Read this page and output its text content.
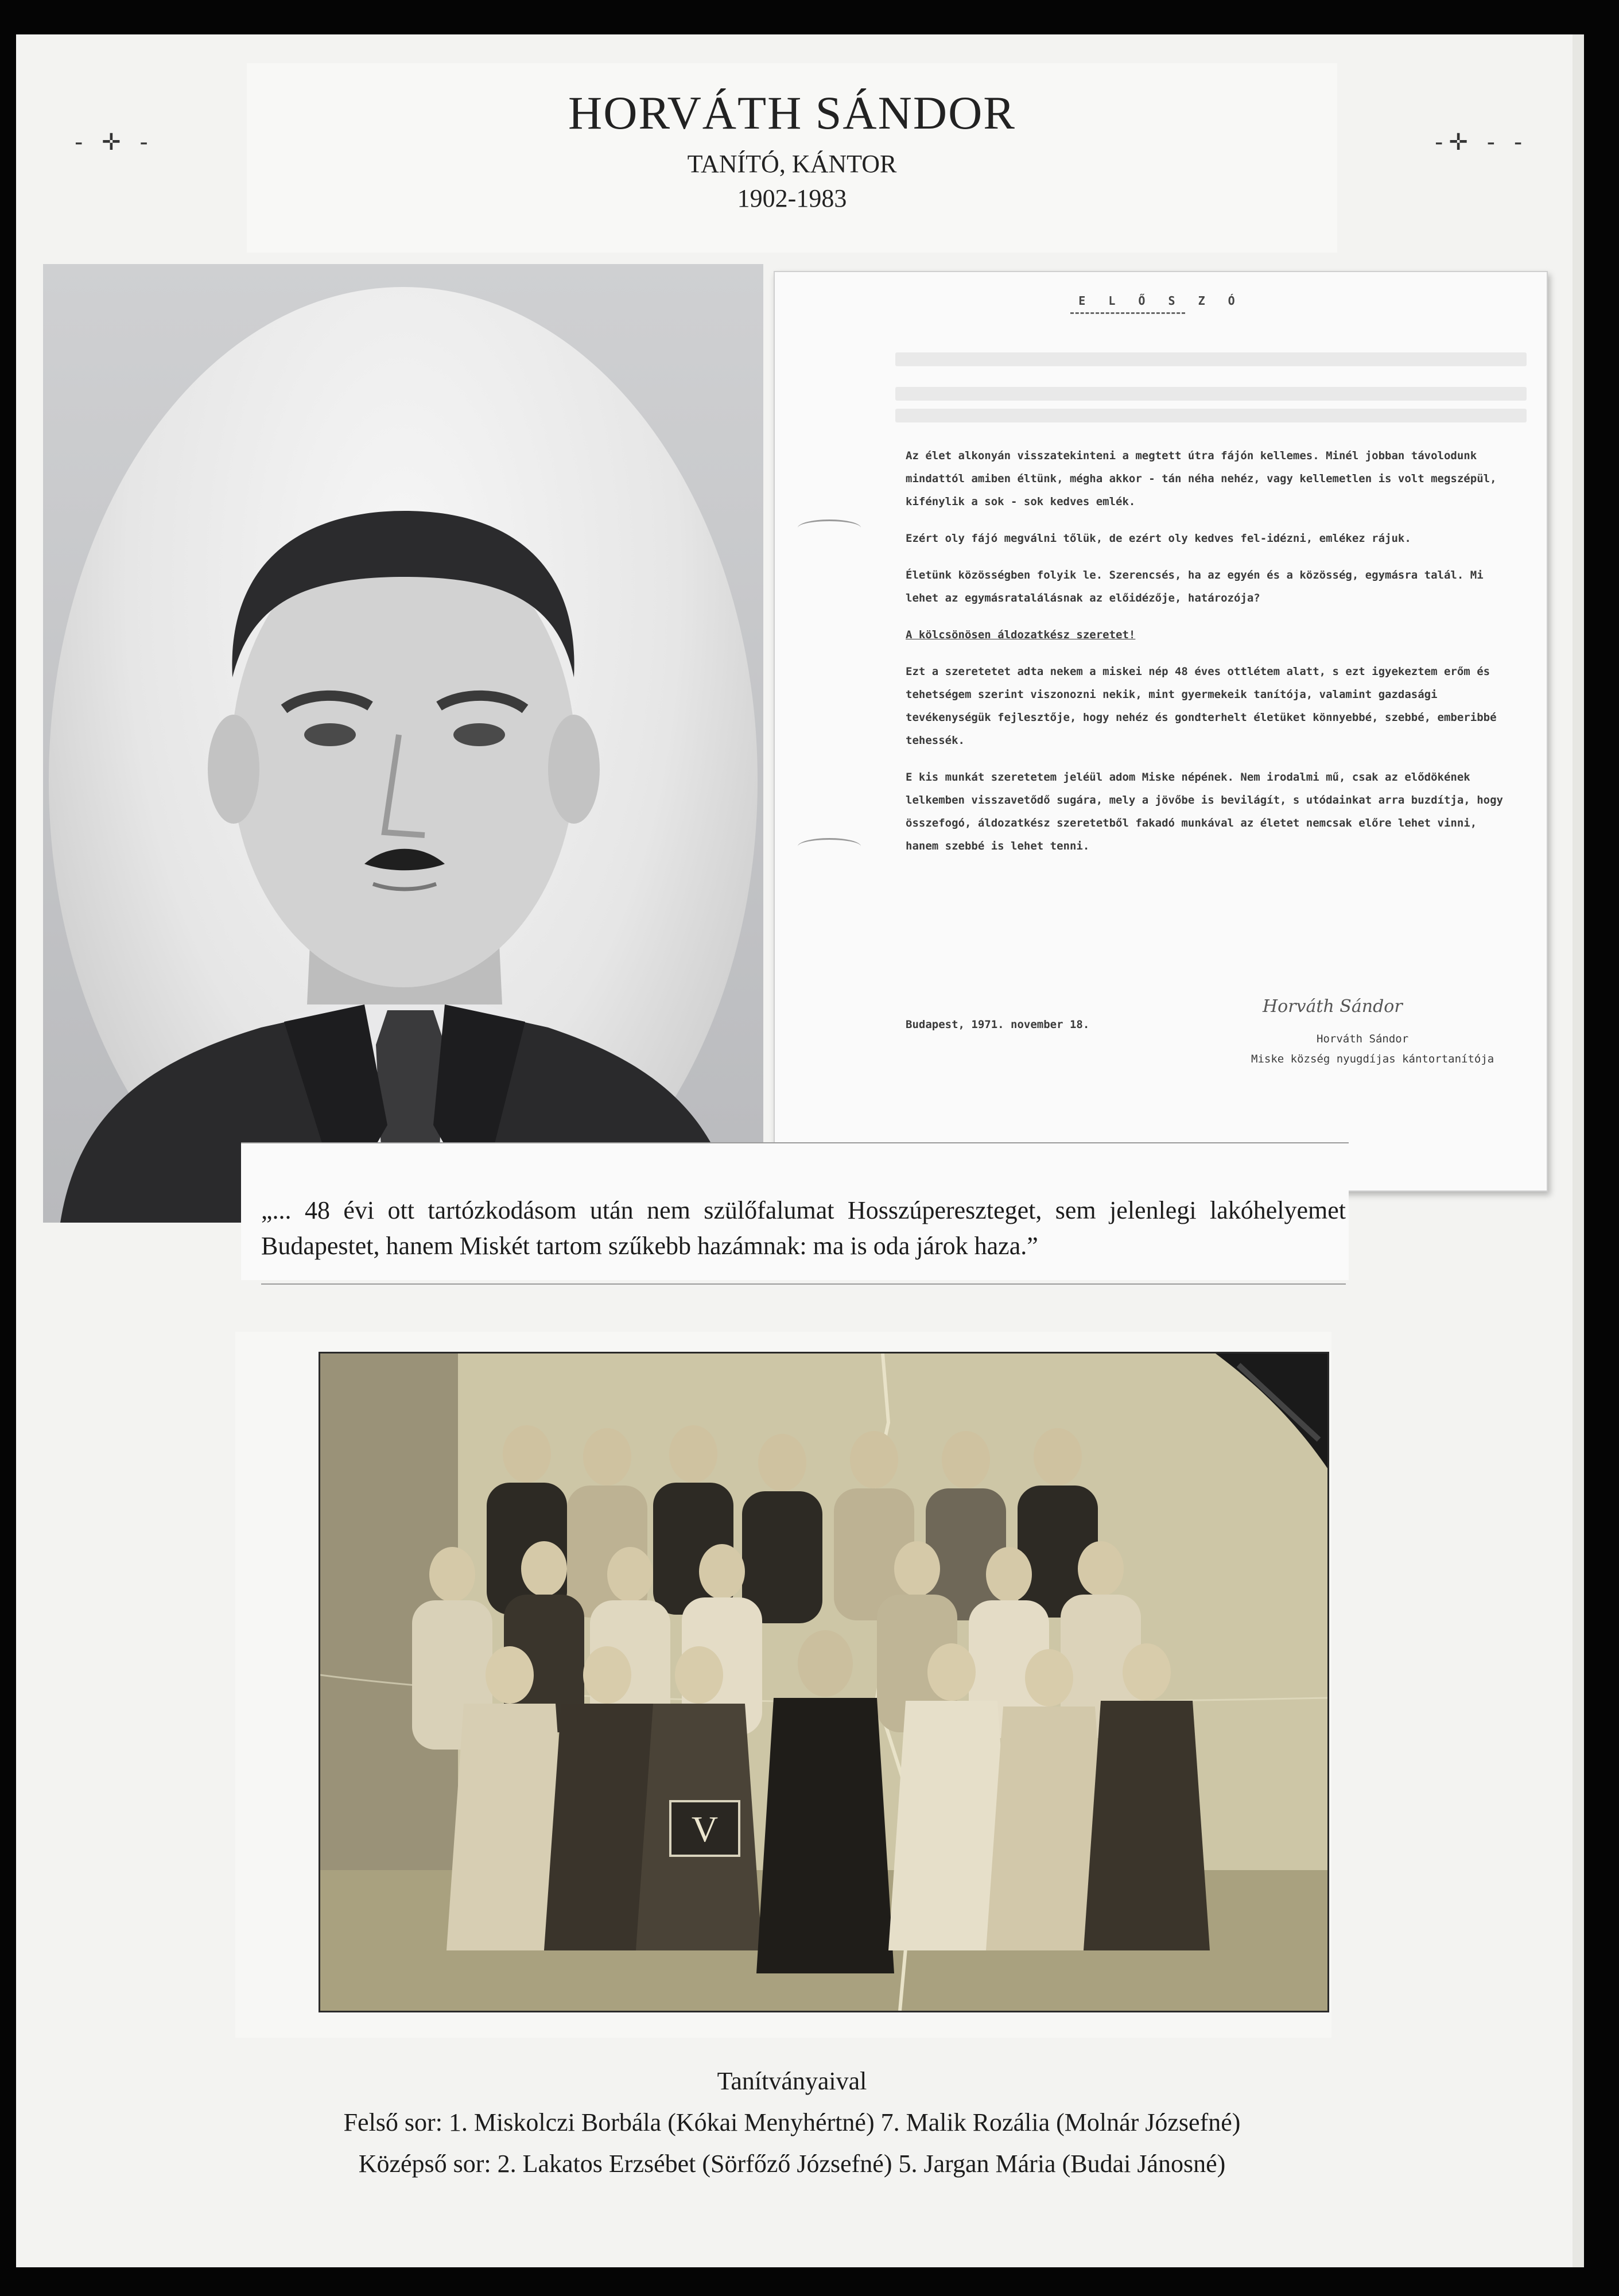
- ✛ -	-✛ - -
HORVÁTH SÁNDOR
TANÍTÓ, KÁNTOR
1902-1983
E L Ő S Z Ó

Az élet alkonyán visszatekinteni a megtett útra fájón kellemes. Minél jobban távolodunk mindattól amiben éltünk, mégha akkor - tán néha nehéz, vagy kellemetlen is volt megszépül, kifénylik a sok - sok kedves emlék.

Ezért oly fájó megválni tőlük, de ezért oly kedves fel-idézni, emlékez rájuk.

Életünk közösségben folyik le. Szerencsés, ha az egyén és a közösség, egymásra talál. Mi lehet az egymásratalálásnak az előidézője, határozója?

A kölcsönösen áldozatkész szeretet!

Ezt a szeretetet adta nekem a miskei nép 48 éves ottlétem alatt, s ezt igyekeztem erőm és tehetségem szerint viszonozni nekik, mint gyermekeik tanítója, valamint gazdasági tevékenységük fejlesztője, hogy nehéz és gondterhelt életüket könnyebbé, szebbé, emberibbé tehessék.

E kis munkát szeretetem jeléül adom Miske népének. Nem irodalmi mű, csak az elődökének lelkemben visszavetődő sugára, mely a jövőbe is bevilágít, s utódainkat arra buzdítja, hogy összefogó, áldozatkész szeretetből fakadó munkával az életet nemcsak előre lehet vinni, hanem szebbé is lehet tenni.

Horváth Sándor
Budapest, 1971. november 18.
Horváth Sándor
Miske község nyugdíjas kántortanítója
„... 48 évi ott tartózkodásom után nem szülőfalumat Hosszúpereszteget, sem jelenlegi lakóhelyemet Budapestet, hanem Miskét tartom szűkebb hazámnak: ma is oda járok haza.”
V
Tanítványaival
Felső sor: 1. Miskolczi Borbála (Kókai Menyhértné) 7. Malik Rozália (Molnár Józsefné)
Középső sor: 2. Lakatos Erzsébet (Sörfőző Józsefné) 5. Jargan Mária (Budai Jánosné)
